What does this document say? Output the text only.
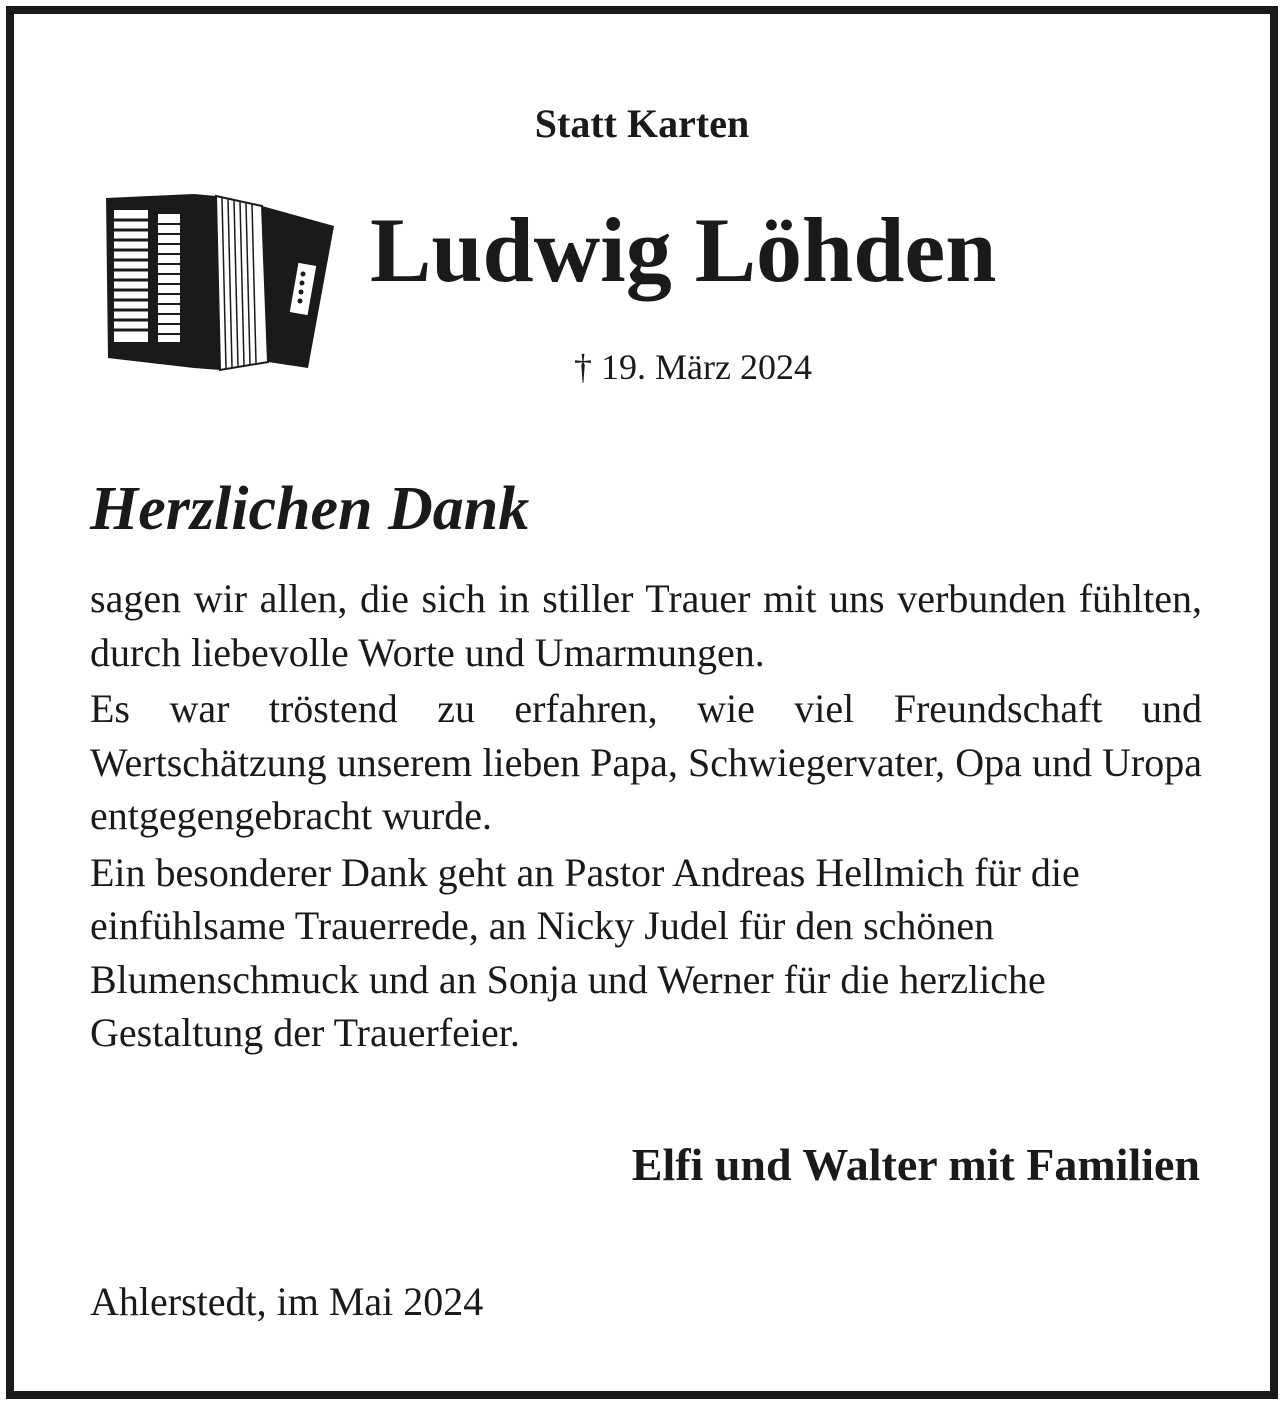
Statt Karten
Ludwig Löhden
† 19. März 2024
Herzlichen Dank

sagen wir allen, die sich in stiller Trauer mit uns verbunden fühlten, durch liebevolle Worte und Umarmungen.

Es war tröstend zu erfahren, wie viel Freundschaft und Wertschätzung unserem lieben Papa, Schwiegervater, Opa und Uropa entgegengebracht wurde.

Ein besonderer Dank geht an Pastor Andreas Hellmich für die einfühlsame Trauerrede, an Nicky Judel für den schönen Blumenschmuck und an Sonja und Werner für die herzliche Gestaltung der Trauerfeier.

Elfi und Walter mit Familien
Ahlerstedt, im Mai 2024
